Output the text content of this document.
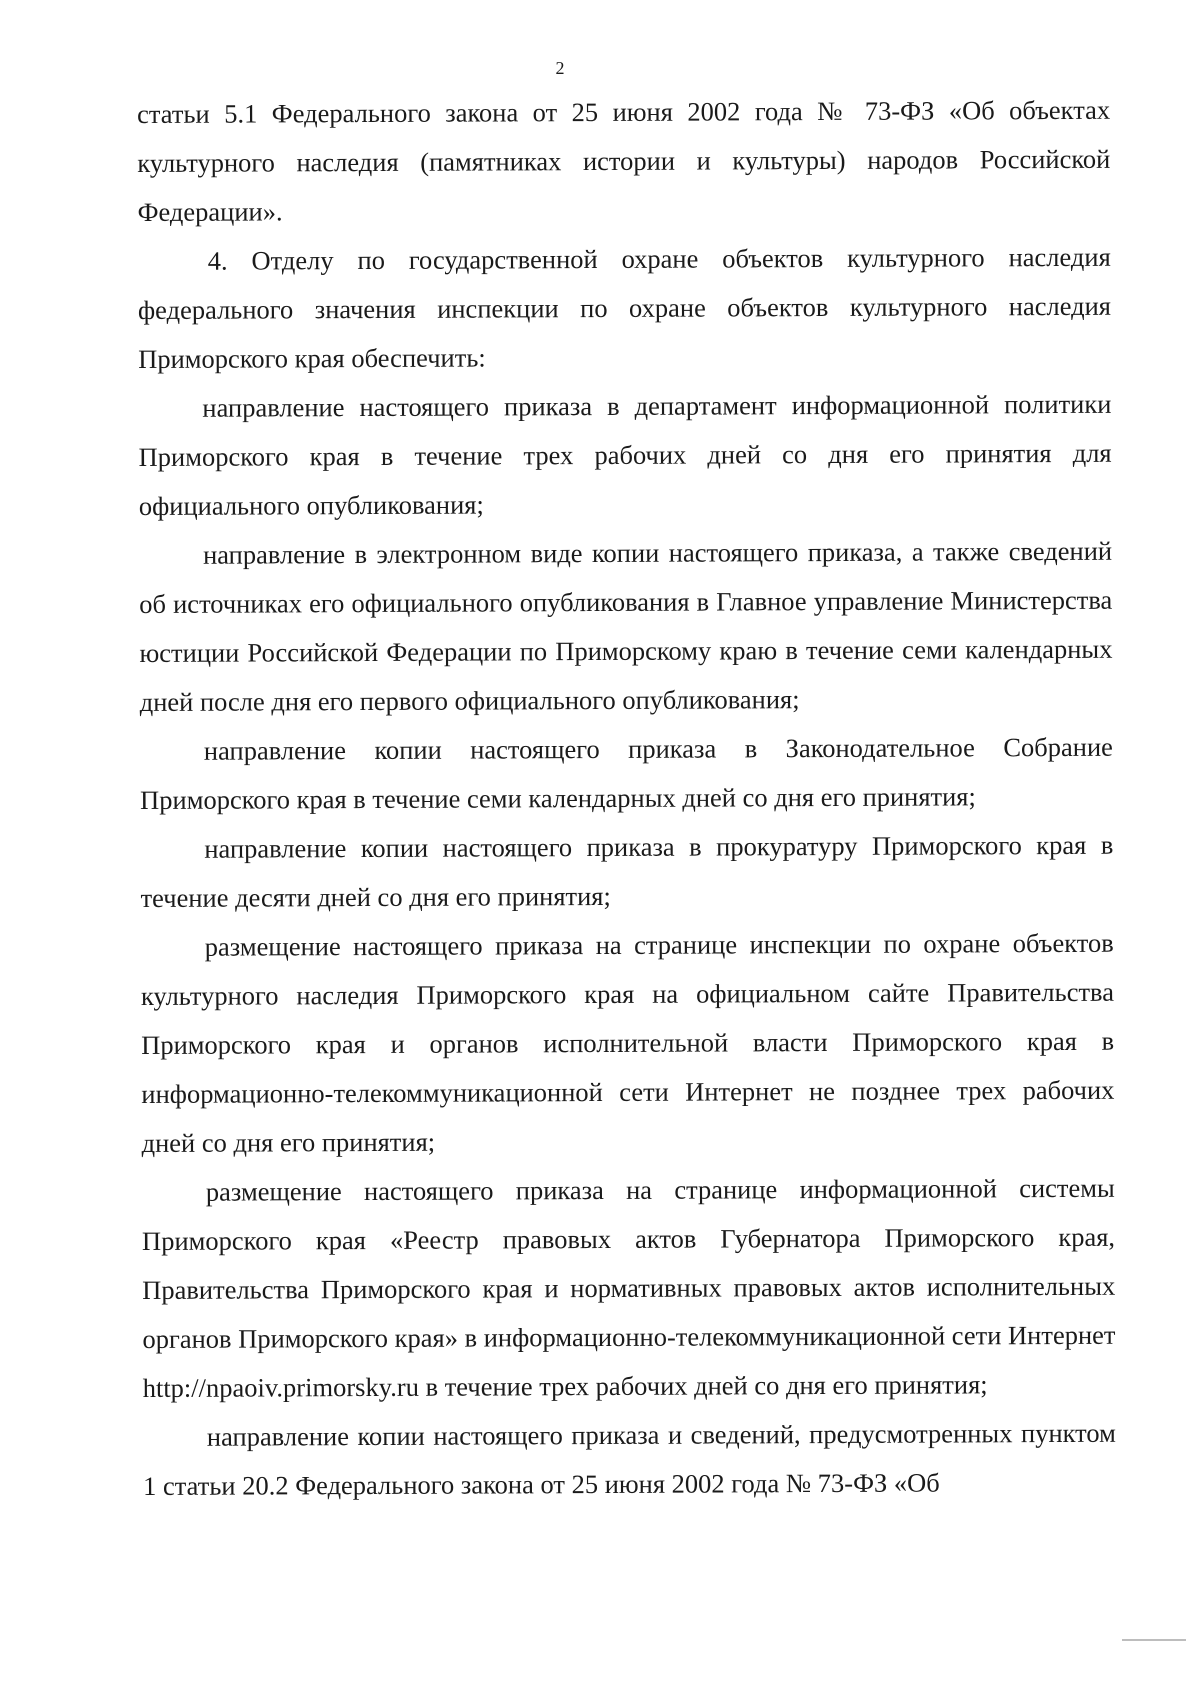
2

статьи 5.1 Федерального закона от 25 июня 2002 года № 73-ФЗ «Об объектах культурного наследия (памятниках истории и культуры) народов Российской Федерации».

4. Отделу по государственной охране объектов культурного наследия федерального значения инспекции по охране объектов культурного наследия Приморского края обеспечить:

направление настоящего приказа в департамент информационной политики Приморского края в течение трех рабочих дней со дня его принятия для официального опубликования;

направление в электронном виде копии настоящего приказа, а также сведений об источниках его официального опубликования в Главное управление Министерства юстиции Российской Федерации по Приморскому краю в течение семи календарных дней после дня его первого официального опубликования;

направление копии настоящего приказа в Законодательное Собрание Приморского края в течение семи календарных дней со дня его принятия;

направление копии настоящего приказа в прокуратуру Приморского края в течение десяти дней со дня его принятия;

размещение настоящего приказа на странице инспекции по охране объектов культурного наследия Приморского края на официальном сайте Правительства Приморского края и органов исполнительной власти Приморского края в информационно-телекоммуникационной сети Интернет не позднее трех рабочих дней со дня его принятия;

размещение настоящего приказа на странице информационной системы Приморского края «Реестр правовых актов Губернатора Приморского края, Правительства Приморского края и нормативных правовых актов исполнительных органов Приморского края» в информационно-телекоммуникационной сети Интернет http://npaoiv.primorsky.ru в течение трех рабочих дней со дня его принятия;

направление копии настоящего приказа и сведений, предусмотренных пунктом 1 статьи 20.2 Федерального закона от 25 июня 2002 года № 73-ФЗ «Об
